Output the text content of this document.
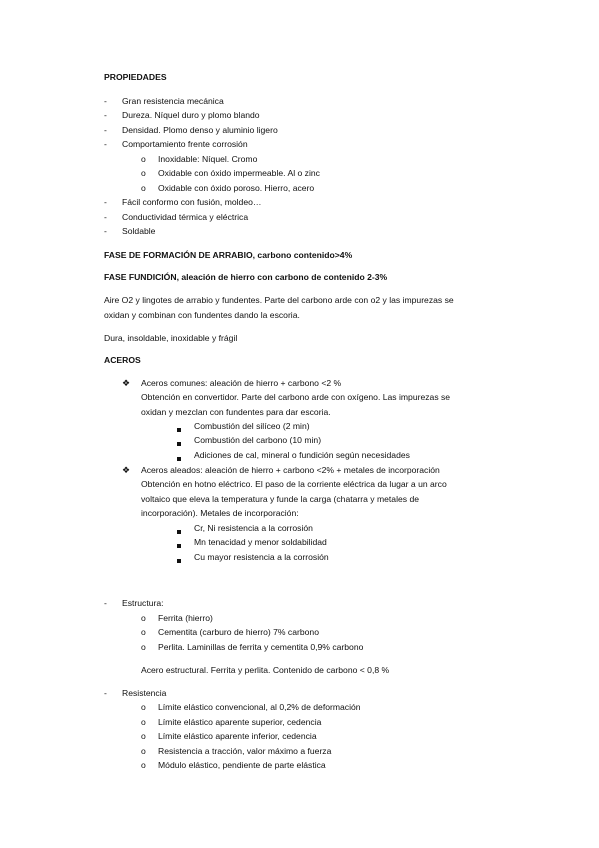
PROPIEDADES
- Gran resistencia mecánica
- Dureza. Níquel duro y plomo blando
- Densidad. Plomo denso y aluminio ligero
- Comportamiento frente corrosión
o Inoxidable: Níquel. Cromo
o Oxidable con óxido impermeable. Al o zinc
o Oxidable con óxido poroso. Hierro, acero
- Fácil conformo con fusión, moldeo…
- Conductividad térmica y eléctrica
- Soldable
FASE DE FORMACIÓN DE ARRABIO, carbono contenido>4%
FASE FUNDICIÓN, aleación de hierro con carbono de contenido 2-3%
Aire O2 y lingotes de arrabio y fundentes. Parte del carbono arde con o2 y las impurezas se
oxidan y combinan con fundentes dando la escoria.
Dura, insoldable, inoxidable y frágil
ACEROS
❖ Aceros comunes: aleación de hierro + carbono <2 %
Obtención en convertidor. Parte del carbono arde con oxígeno. Las impurezas se
oxidan y mezclan con fundentes para dar escoria.
Combustión del silíceo (2 min)
Combustión del carbono (10 min)
Adiciones de cal, mineral o fundición según necesidades
❖ Aceros aleados: aleación de hierro + carbono <2% + metales de incorporación
Obtención en hotno eléctrico. El paso de la corriente eléctrica da lugar a un arco
voltaico que eleva la temperatura y funde la carga (chatarra y metales de
incorporación). Metales de incorporación:
Cr, Ni resistencia a la corrosión
Mn tenacidad y menor soldabilidad
Cu mayor resistencia a la corrosión
- Estructura:
o Ferrita (hierro)
o Cementita (carburo de hierro) 7% carbono
o Perlita. Laminillas de ferrita y cementita 0,9% carbono
Acero estructural. Ferrita y perlita. Contenido de carbono < 0,8 %
- Resistencia
o Límite elástico convencional, al 0,2% de deformación
o Límite elástico aparente superior, cedencia
o Límite elástico aparente inferior, cedencia
o Resistencia a tracción, valor máximo a fuerza
o Módulo elástico, pendiente de parte elástica
